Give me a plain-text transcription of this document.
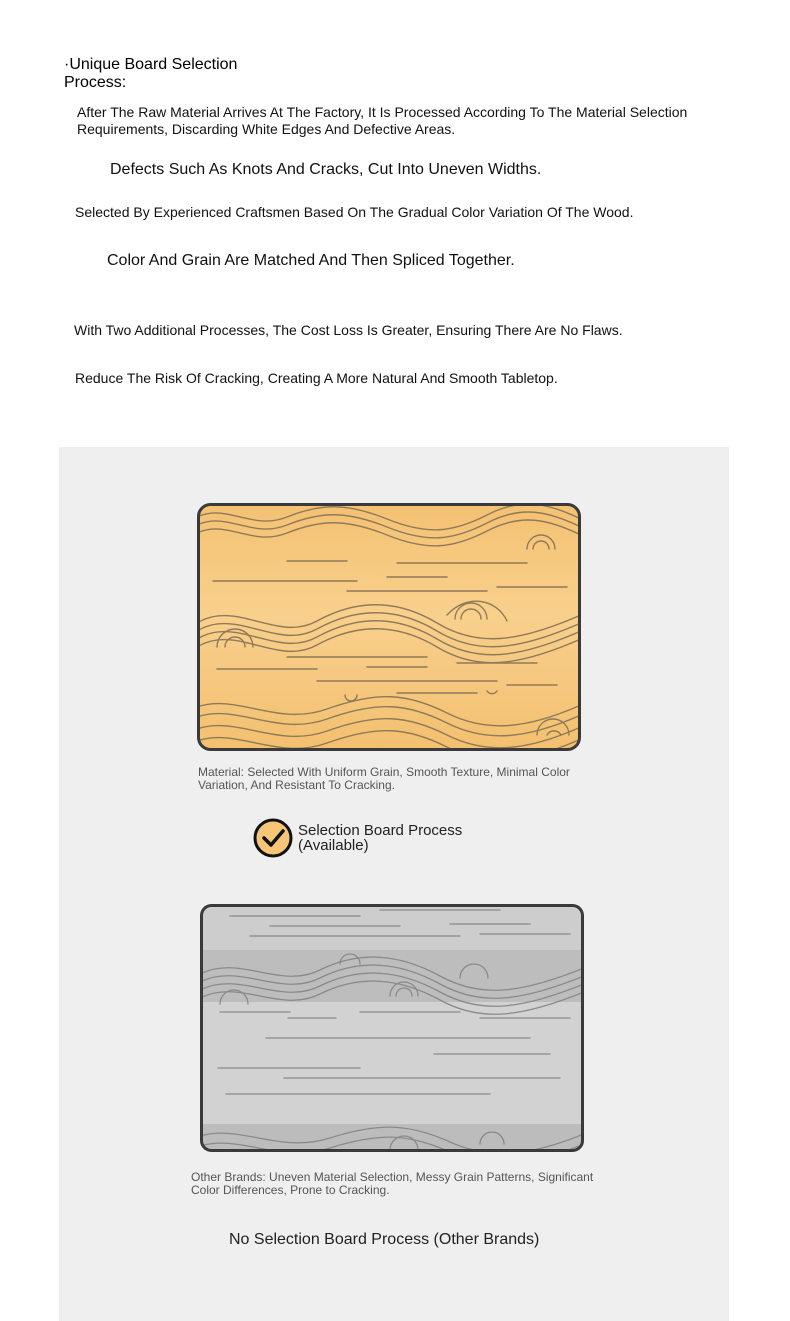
·Unique Board Selection Process:
After The Raw Material Arrives At The Factory, It Is Processed According To The Material Selection Requirements, Discarding White Edges And Defective Areas.
Defects Such As Knots And Cracks, Cut Into Uneven Widths.
Selected By Experienced Craftsmen Based On The Gradual Color Variation Of The Wood.
Color And Grain Are Matched And Then Spliced Together.
With Two Additional Processes, The Cost Loss Is Greater, Ensuring There Are No Flaws.
Reduce The Risk Of Cracking, Creating A More Natural And Smooth Tabletop.
Material: Selected With Uniform Grain, Smooth Texture, Minimal Color Variation, And Resistant To Cracking.
Selection Board Process (Available)
Other Brands: Uneven Material Selection, Messy Grain Patterns, Significant Color Differences, Prone to Cracking.
No Selection Board Process (Other Brands)
